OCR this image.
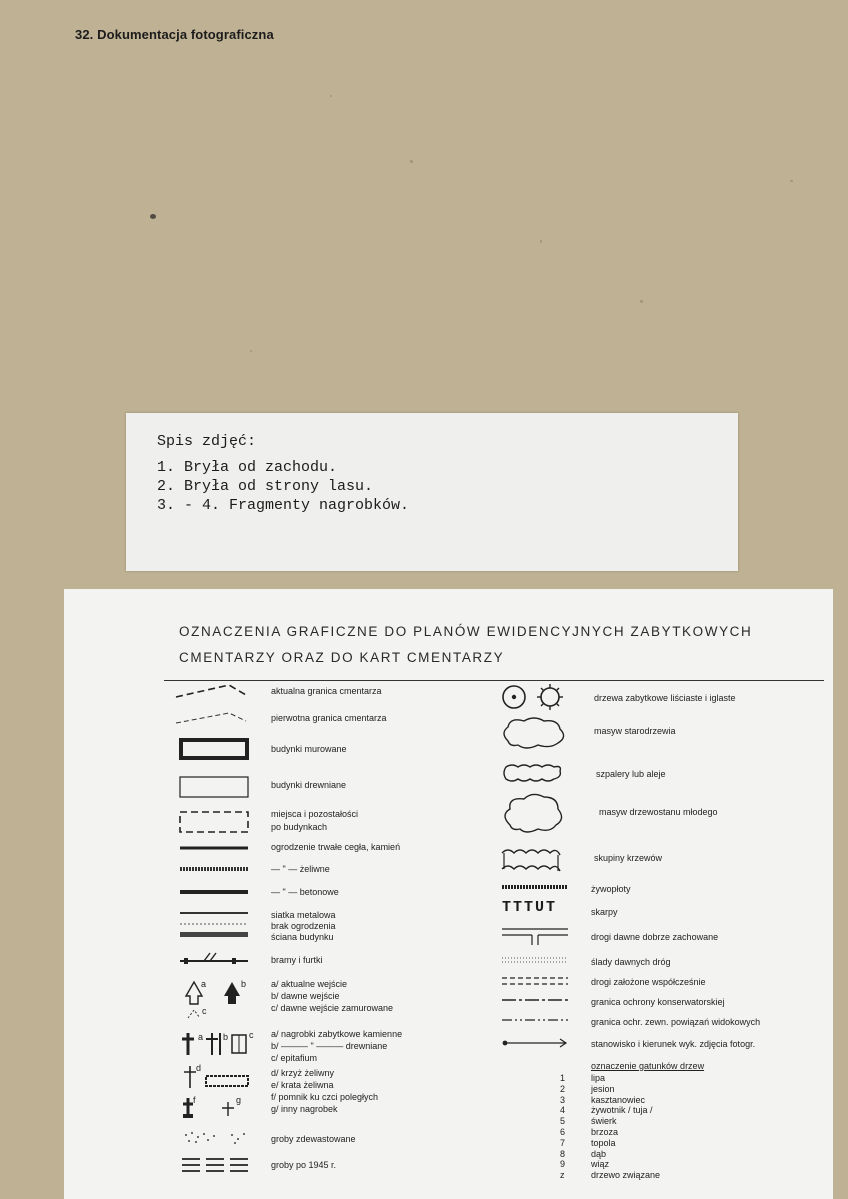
32. Dokumentacja fotograficzna
Spis zdjęć:
1. Bryła od zachodu.
2. Bryła od strony lasu.
3. - 4. Fragmenty nagrobków.
OZNACZENIA GRAFICZNE DO PLANÓW EWIDENCYJNYCH ZABYTKOWYCH
CMENTARZY ORAZ DO KART CMENTARZY
a	b
c
a b c
d
f	g
aktualna granica cmentarza
pierwotna granica cmentarza
budynki murowane
budynki drewniane
miejsca i pozostałości
po budynkach
ogrodzenie trwałe cegła, kamień
— " — żeliwne
— " — betonowe
siatka metalowa
brak ogrodzenia
ściana budynku
bramy i furtki
a/ aktualne wejście
b/ dawne wejście
c/ dawne wejście zamurowane
a/ nagrobki zabytkowe kamienne
b/ ——— " ——— drewniane
c/ epitafium
d/ krzyż żeliwny
e/ krata żeliwna
f/ pomnik ku czci poległych
g/ inny nagrobek
groby zdewastowane
groby po 1945 r.
TTTUT
drzewa zabytkowe liściaste i iglaste
masyw starodrzewia
szpalery lub aleje
masyw drzewostanu młodego
skupiny krzewów
żywopłoty
skarpy
drogi dawne dobrze zachowane
ślady dawnych dróg
drogi założone współcześnie
granica ochrony konserwatorskiej
granica ochr. zewn. powiązań widokowych
stanowisko i kierunek wyk. zdjęcia fotogr.
oznaczenie gatunków drzew
1	lipa
2	jesion
3	kasztanowiec
4	żywotnik / tuja /
5	świerk
6	brzoza
7	topola
8	dąb
9	wiąz
z	drzewo związane
